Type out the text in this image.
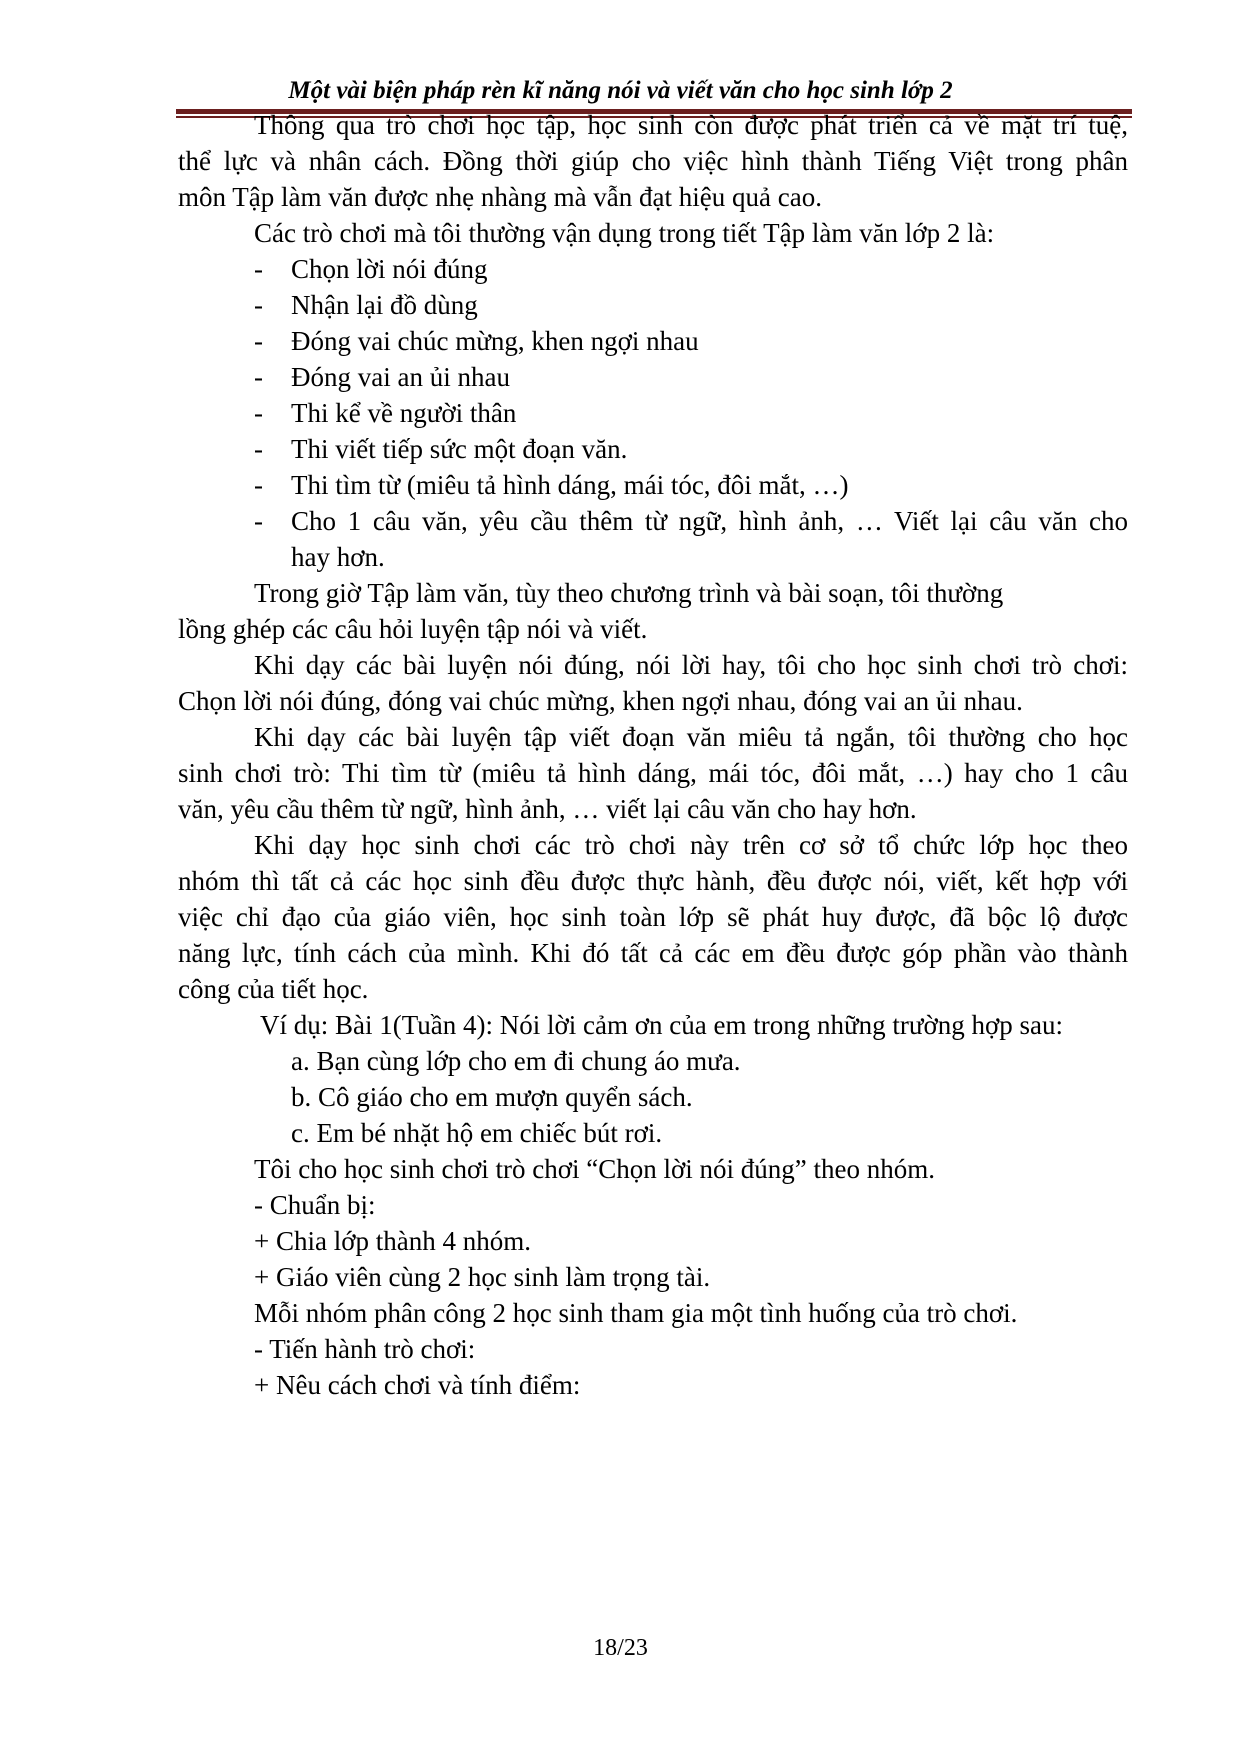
Một vài biện pháp rèn kĩ năng nói và viết văn cho học sinh lớp 2
Thông qua trò chơi học tập, học sinh còn được phát triển cả về mặt trí tuệ,
thể lực và nhân cách. Đồng thời giúp cho việc hình thành Tiếng Việt trong phân
môn Tập làm văn được nhẹ nhàng mà vẫn đạt hiệu quả cao.
Các trò chơi mà tôi thường vận dụng trong tiết Tập làm văn lớp 2 là:
-	Chọn lời nói đúng
-	Nhận lại đồ dùng
-	Đóng vai chúc mừng, khen ngợi nhau
-	Đóng vai an ủi nhau
-	Thi kể về người thân
-	Thi viết tiếp sức một đoạn văn.
-	Thi tìm từ (miêu tả hình dáng, mái tóc, đôi mắt, …)
-	Cho 1 câu văn, yêu cầu thêm từ ngữ, hình ảnh, … Viết lại câu văn cho
hay hơn.
Trong giờ Tập làm văn, tùy theo chương trình và bài soạn, tôi thường
lồng ghép các câu hỏi luyện tập nói và viết.
Khi dạy các bài luyện nói đúng, nói lời hay, tôi cho học sinh chơi trò chơi:
Chọn lời nói đúng, đóng vai chúc mừng, khen ngợi nhau, đóng vai an ủi nhau.
Khi dạy các bài luyện tập viết đoạn văn miêu tả ngắn, tôi thường cho học
sinh chơi trò: Thi tìm từ (miêu tả hình dáng, mái tóc, đôi mắt, …) hay cho 1 câu
văn, yêu cầu thêm từ ngữ, hình ảnh, … viết lại câu văn cho hay hơn.
Khi dạy học sinh chơi các trò chơi này trên cơ sở tổ chức lớp học theo
nhóm thì tất cả các học sinh đều được thực hành, đều được nói, viết, kết hợp với
việc chỉ đạo của giáo viên, học sinh toàn lớp sẽ phát huy được, đã bộc lộ được
năng lực, tính cách của mình. Khi đó tất cả các em đều được góp phần vào thành
công của tiết học.
Ví dụ: Bài 1(Tuần 4): Nói lời cảm ơn của em trong những trường hợp sau:
a. Bạn cùng lớp cho em đi chung áo mưa.
b. Cô giáo cho em mượn quyển sách.
c. Em bé nhặt hộ em chiếc bút rơi.
Tôi cho học sinh chơi trò chơi “Chọn lời nói đúng” theo nhóm.
- Chuẩn bị:
+ Chia lớp thành 4 nhóm.
+ Giáo viên cùng 2 học sinh làm trọng tài.
Mỗi nhóm phân công 2 học sinh tham gia một tình huống của trò chơi.
- Tiến hành trò chơi:
+ Nêu cách chơi và tính điểm:
18/23
